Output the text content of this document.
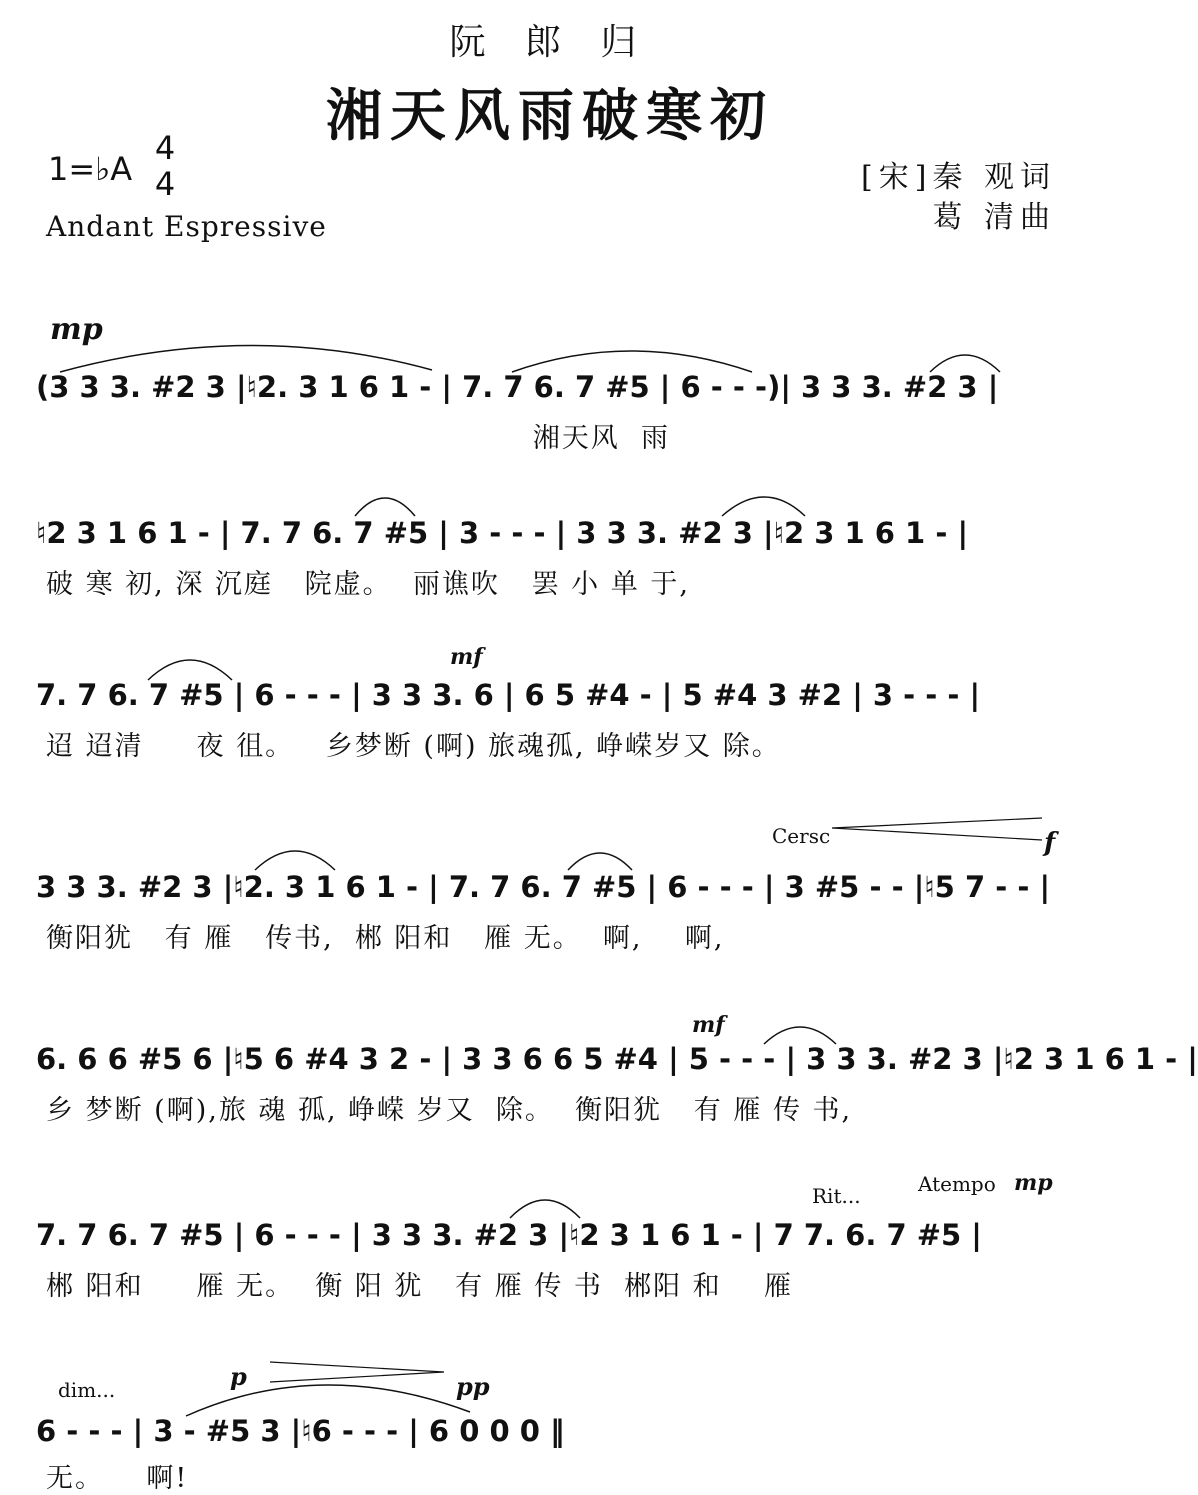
阮 郎 归
湘天风雨破寒初
1=♭A
4
4
Andant Espressive
[宋]秦 观词
葛 清曲
mp
(3 3 3. #2 3 |♮2. 3 1 6 1 - | 7. 7 6. 7 #5 | 6 - - -)| 3 3 3. #2 3 |
湘天风  雨
♮2 3 1 6 1 - | 7. 7 6. 7 #5 | 3 - - - | 3 3 3. #2 3 |♮2 3 1 6 1 - |
破 寒 初, 深 沉庭   院虚。  丽谯吹   罢 小 单 于,
mf
7. 7 6. 7 #5 | 6 - - - | 3 3 3. 6 | 6 5 #4 - | 5 #4 3 #2 | 3 - - - |
迢 迢清     夜 徂。   乡梦断 (啊) 旅魂孤, 峥嵘岁又 除。
Cersc	f
3 3 3. #2 3 |♮2. 3 1 6 1 - | 7. 7 6. 7 #5 | 6 - - - | 3 #5 - - |♮5 7 - - |
衡阳犹   有 雁   传书,  郴 阳和   雁 无。  啊,    啊,
mf
6. 6 6 #5 6 |♮5 6 #4 3 2 - | 3 3 6 6 5 #4 | 5 - - - | 3 3 3. #2 3 |♮2 3 1 6 1 - |
乡 梦断 (啊),旅 魂 孤, 峥嵘 岁又  除。  衡阳犹   有 雁 传 书,
Rit...	Atempo mp
7. 7 6. 7 #5 | 6 - - - | 3 3 3. #2 3 |♮2 3 1 6 1 - | 7 7. 6. 7 #5 |
郴 阳和     雁 无。  衡 阳 犹   有 雁 传 书  郴阳 和    雁
dim...	p	pp
6 - - - | 3 - #5 3 |♮6 - - - | 6 0 0 0 ‖
无。    啊!
